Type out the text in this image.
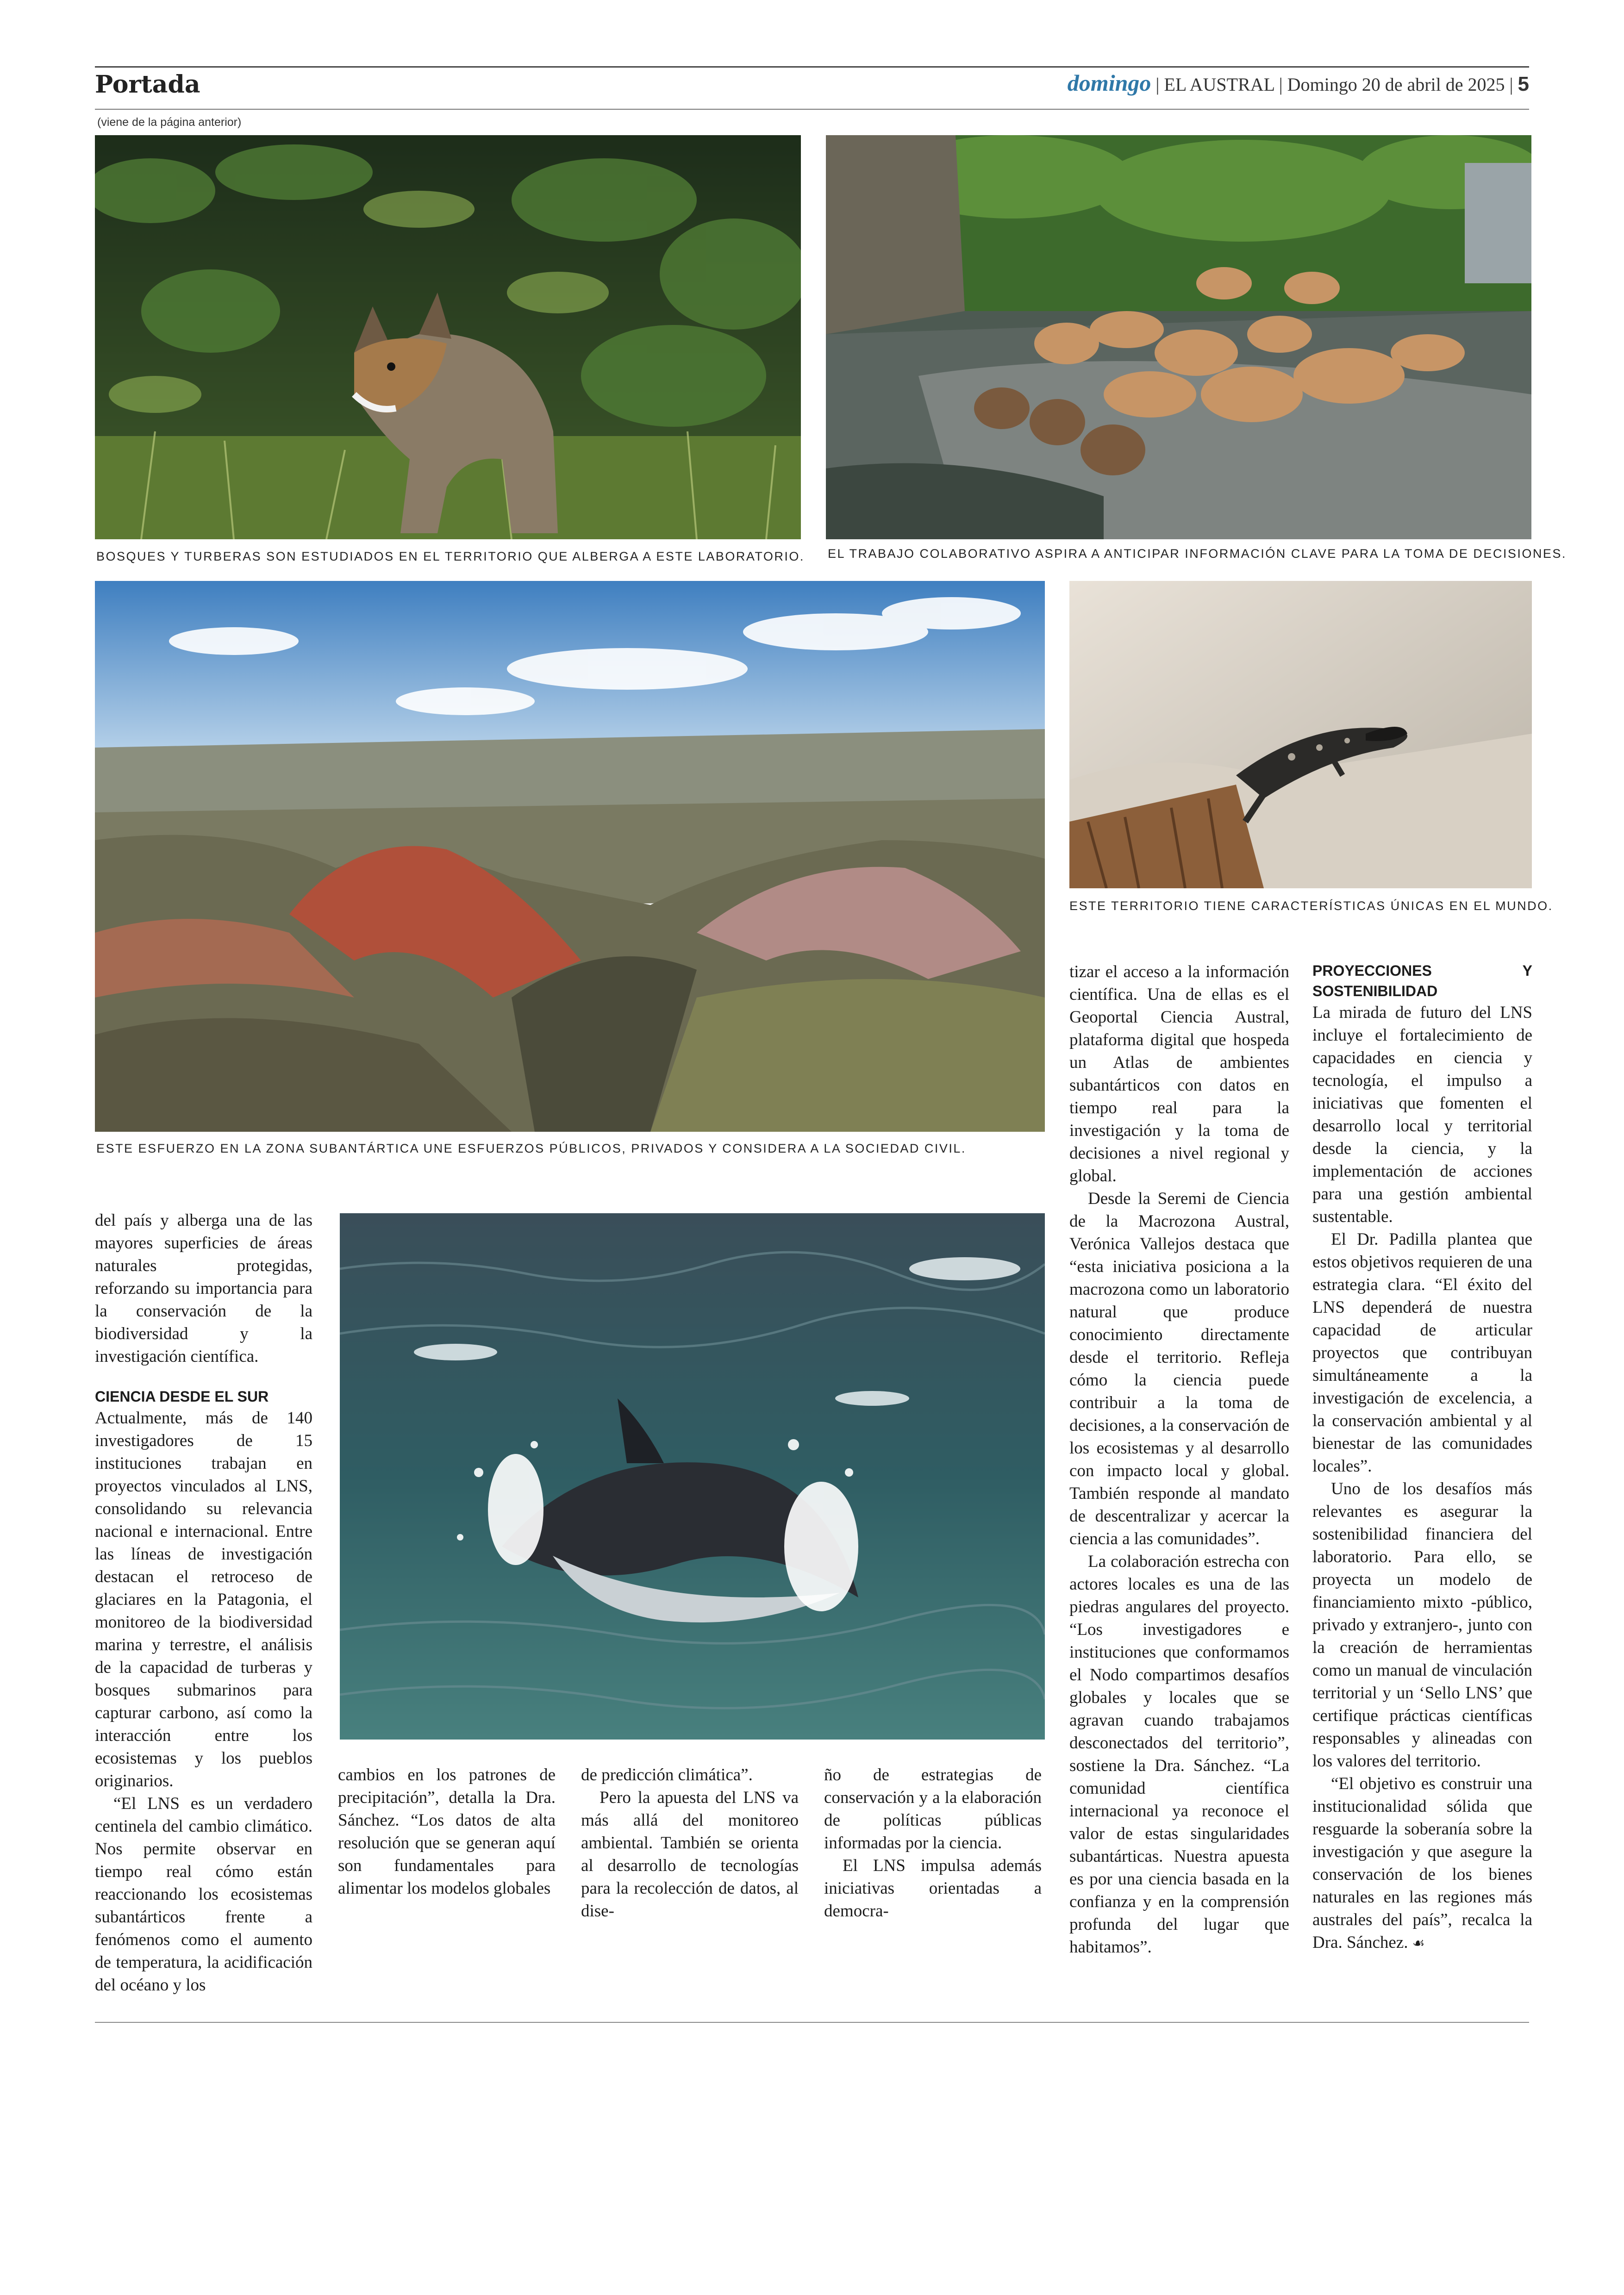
Portada	domingo | EL AUSTRAL | Domingo 20 de abril de 2025 | 5
(viene de la página anterior)
BOSQUES Y TURBERAS SON ESTUDIADOS EN EL TERRITORIO QUE ALBERGA A ESTE LABORATORIO. EL TRABAJO COLABORATIVO ASPIRA A ANTICIPAR INFORMACIÓN CLAVE PARA LA TOMA DE DECISIONES.
ESTE ESFUERZO EN LA ZONA SUBANTÁRTICA UNE ESFUERZOS PÚBLICOS, PRIVADOS Y CONSIDERA A LA SOCIEDAD CIVIL.
ESTE TERRITORIO TIENE CARACTERÍSTICAS ÚNICAS EN EL MUNDO.

del país y alberga una de las mayores superficies de áreas naturales protegidas, reforzando su importancia para la conservación de la biodiversidad y la investigación científica.

CIENCIA DESDE EL SUR

Actualmente, más de 140 investigadores de 15 instituciones trabajan en proyectos vinculados al LNS, consolidando su relevancia nacional e internacional. Entre las líneas de investigación destacan el retroceso de glaciares en la Patagonia, el monitoreo de la biodiversidad marina y terrestre, el análisis de la capacidad de turberas y bosques submarinos para capturar carbono, así como la interacción entre los ecosistemas y los pueblos originarios.

“El LNS es un verdadero centinela del cambio climático. Nos permite observar en tiempo real cómo están reaccionando los ecosistemas subantárticos frente a fenómenos como el aumento de temperatura, la acidificación del océano y los

cambios en los patrones de precipitación”, detalla la Dra. Sánchez. “Los datos de alta resolución que se generan aquí son fundamentales para alimentar los modelos globales

de predicción climática”.

Pero la apuesta del LNS va más allá del monitoreo ambiental. También se orienta al desarrollo de tecnologías para la recolección de datos, al dise-

ño de estrategias de conservación y a la elaboración de políticas públicas informadas por la ciencia.

El LNS impulsa además iniciativas orientadas a democra-

tizar el acceso a la información científica. Una de ellas es el Geoportal Ciencia Austral, plataforma digital que hospeda un Atlas de ambientes subantárticos con datos en tiempo real para la investigación y la toma de decisiones a nivel regional y global.

Desde la Seremi de Ciencia de la Macrozona Austral, Verónica Vallejos destaca que “esta iniciativa posiciona a la macrozona como un laboratorio natural que produce conocimiento directamente desde el territorio. Refleja cómo la ciencia puede contribuir a la toma de decisiones, a la conservación de los ecosistemas y al desarrollo con impacto local y global. También responde al mandato de descentralizar y acercar la ciencia a las comunidades”.

La colaboración estrecha con actores locales es una de las piedras angulares del proyecto. “Los investigadores e instituciones que conformamos el Nodo compartimos desafíos globales y locales que se agravan cuando trabajamos desconectados del territorio”, sostiene la Dra. Sánchez. “La comunidad científica internacional ya reconoce el valor de estas singularidades subantárticas. Nuestra apuesta es por una ciencia basada en la confianza y en la comprensión profunda del lugar que habitamos”.

PROYECCIONES Y SOSTENIBILIDAD

La mirada de futuro del LNS incluye el fortalecimiento de capacidades en ciencia y tecnología, el impulso a iniciativas que fomenten el desarrollo local y territorial desde la ciencia, y la implementación de acciones para una gestión ambiental sustentable.

El Dr. Padilla plantea que estos objetivos requieren de una estrategia clara. “El éxito del LNS dependerá de nuestra capacidad de articular proyectos que contribuyan simultáneamente a la investigación de excelencia, a la conservación ambiental y al bienestar de las comunidades locales”.

Uno de los desafíos más relevantes es asegurar la sostenibilidad financiera del laboratorio. Para ello, se proyecta un modelo de financiamiento mixto -público, privado y extranjero-, junto con la creación de herramientas como un manual de vinculación territorial y un ‘Sello LNS’ que certifique prácticas científicas responsables y alineadas con los valores del territorio.

“El objetivo es construir una institucionalidad sólida que resguarde la soberanía sobre la investigación y que asegure la conservación de los bienes naturales en las regiones más australes del país”, recalca la Dra. Sánchez. ☙
